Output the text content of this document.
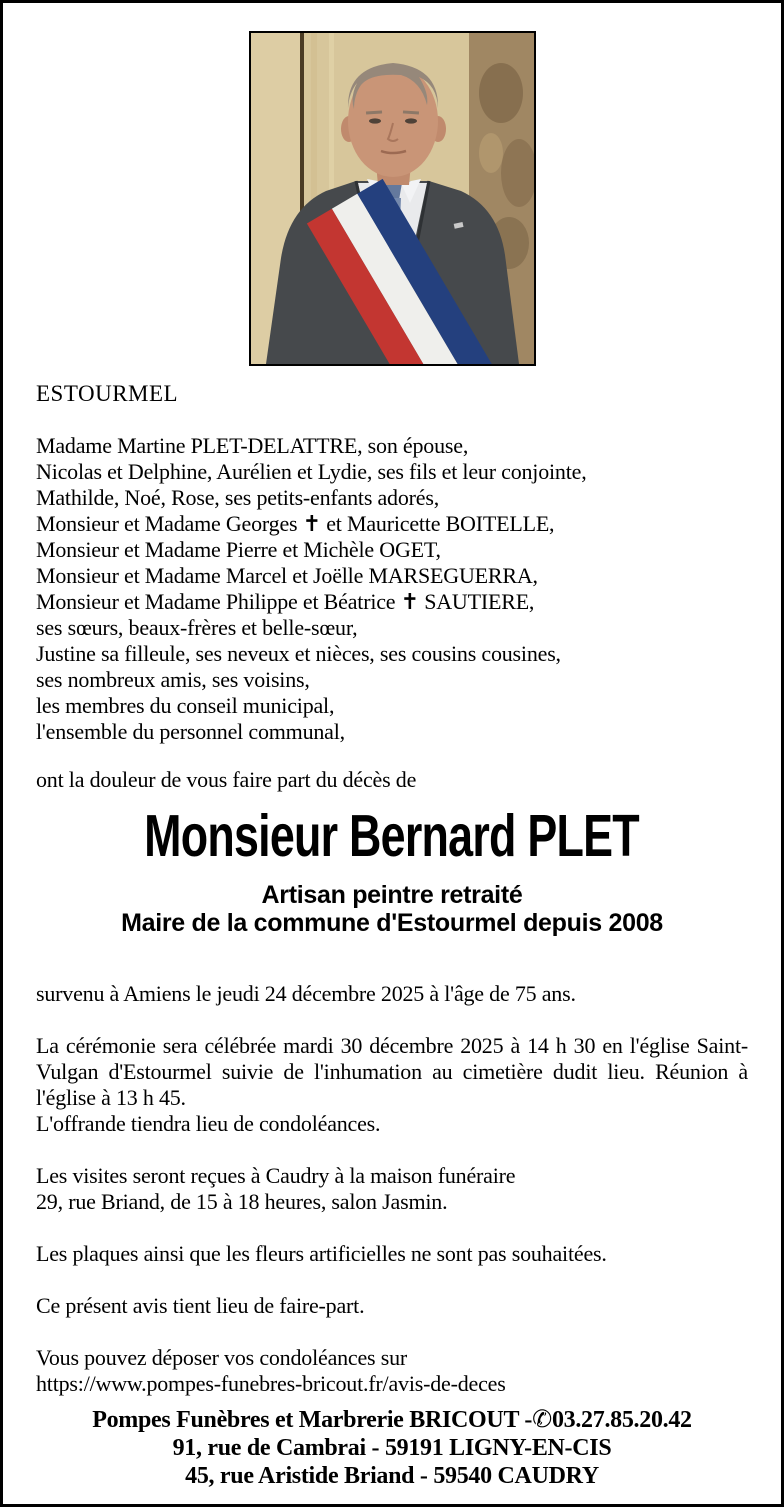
ESTOURMEL

Madame Martine PLET-DELATTRE, son épouse,

Nicolas et Delphine, Aurélien et Lydie, ses fils et leur conjointe,

Mathilde, Noé, Rose, ses petits-enfants adorés,

Monsieur et Madame Georges ✝ et Mauricette BOITELLE,

Monsieur et Madame Pierre et Michèle OGET,

Monsieur et Madame Marcel et Joëlle MARSEGUERRA,

Monsieur et Madame Philippe et Béatrice ✝ SAUTIERE,

ses sœurs, beaux-frères et belle-sœur,

Justine sa filleule, ses neveux et nièces, ses cousins cousines,

ses nombreux amis, ses voisins,

les membres du conseil municipal,

l'ensemble du personnel communal,

ont la douleur de vous faire part du décès de

Monsieur Bernard PLET

Artisan peintre retraité

Maire de la commune d'Estourmel depuis 2008

survenu à Amiens le jeudi 24 décembre 2025 à l'âge de 75 ans.

La cérémonie sera célébrée mardi 30 décembre 2025 à 14 h 30 en l'église Saint-Vulgan d'Estourmel suivie de l'inhumation au cimetière dudit lieu. Réunion à l'église à 13 h 45.

L'offrande tiendra lieu de condoléances.

Les visites seront reçues à Caudry à la maison funéraire

29, rue Briand, de 15 à 18 heures, salon Jasmin.

Les plaques ainsi que les fleurs artificielles ne sont pas souhaitées.

Ce présent avis tient lieu de faire-part.

Vous pouvez déposer vos condoléances sur

https://www.pompes-funebres-bricout.fr/avis-de-deces

Pompes Funèbres et Marbrerie BRICOUT -✆03.27.85.20.42

91, rue de Cambrai - 59191 LIGNY-EN-CIS

45, rue Aristide Briand - 59540 CAUDRY
